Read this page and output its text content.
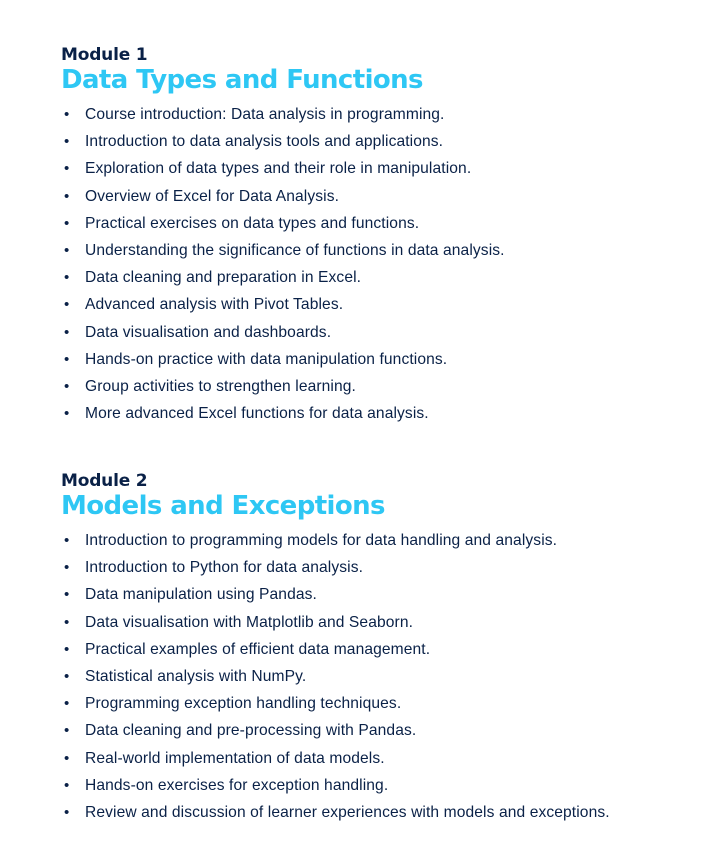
Module 1
Data Types and Functions
• Course introduction: Data analysis in programming.
• Introduction to data analysis tools and applications.
• Exploration of data types and their role in manipulation.
• Overview of Excel for Data Analysis.
• Practical exercises on data types and functions.
• Understanding the significance of functions in data analysis.
• Data cleaning and preparation in Excel.
• Advanced analysis with Pivot Tables.
• Data visualisation and dashboards.
• Hands-on practice with data manipulation functions.
• Group activities to strengthen learning.
• More advanced Excel functions for data analysis.
Module 2
Models and Exceptions
• Introduction to programming models for data handling and analysis.
• Introduction to Python for data analysis.
• Data manipulation using Pandas.
• Data visualisation with Matplotlib and Seaborn.
• Practical examples of efficient data management.
• Statistical analysis with NumPy.
• Programming exception handling techniques.
• Data cleaning and pre-processing with Pandas.
• Real-world implementation of data models.
• Hands-on exercises for exception handling.
• Review and discussion of learner experiences with models and exceptions.
